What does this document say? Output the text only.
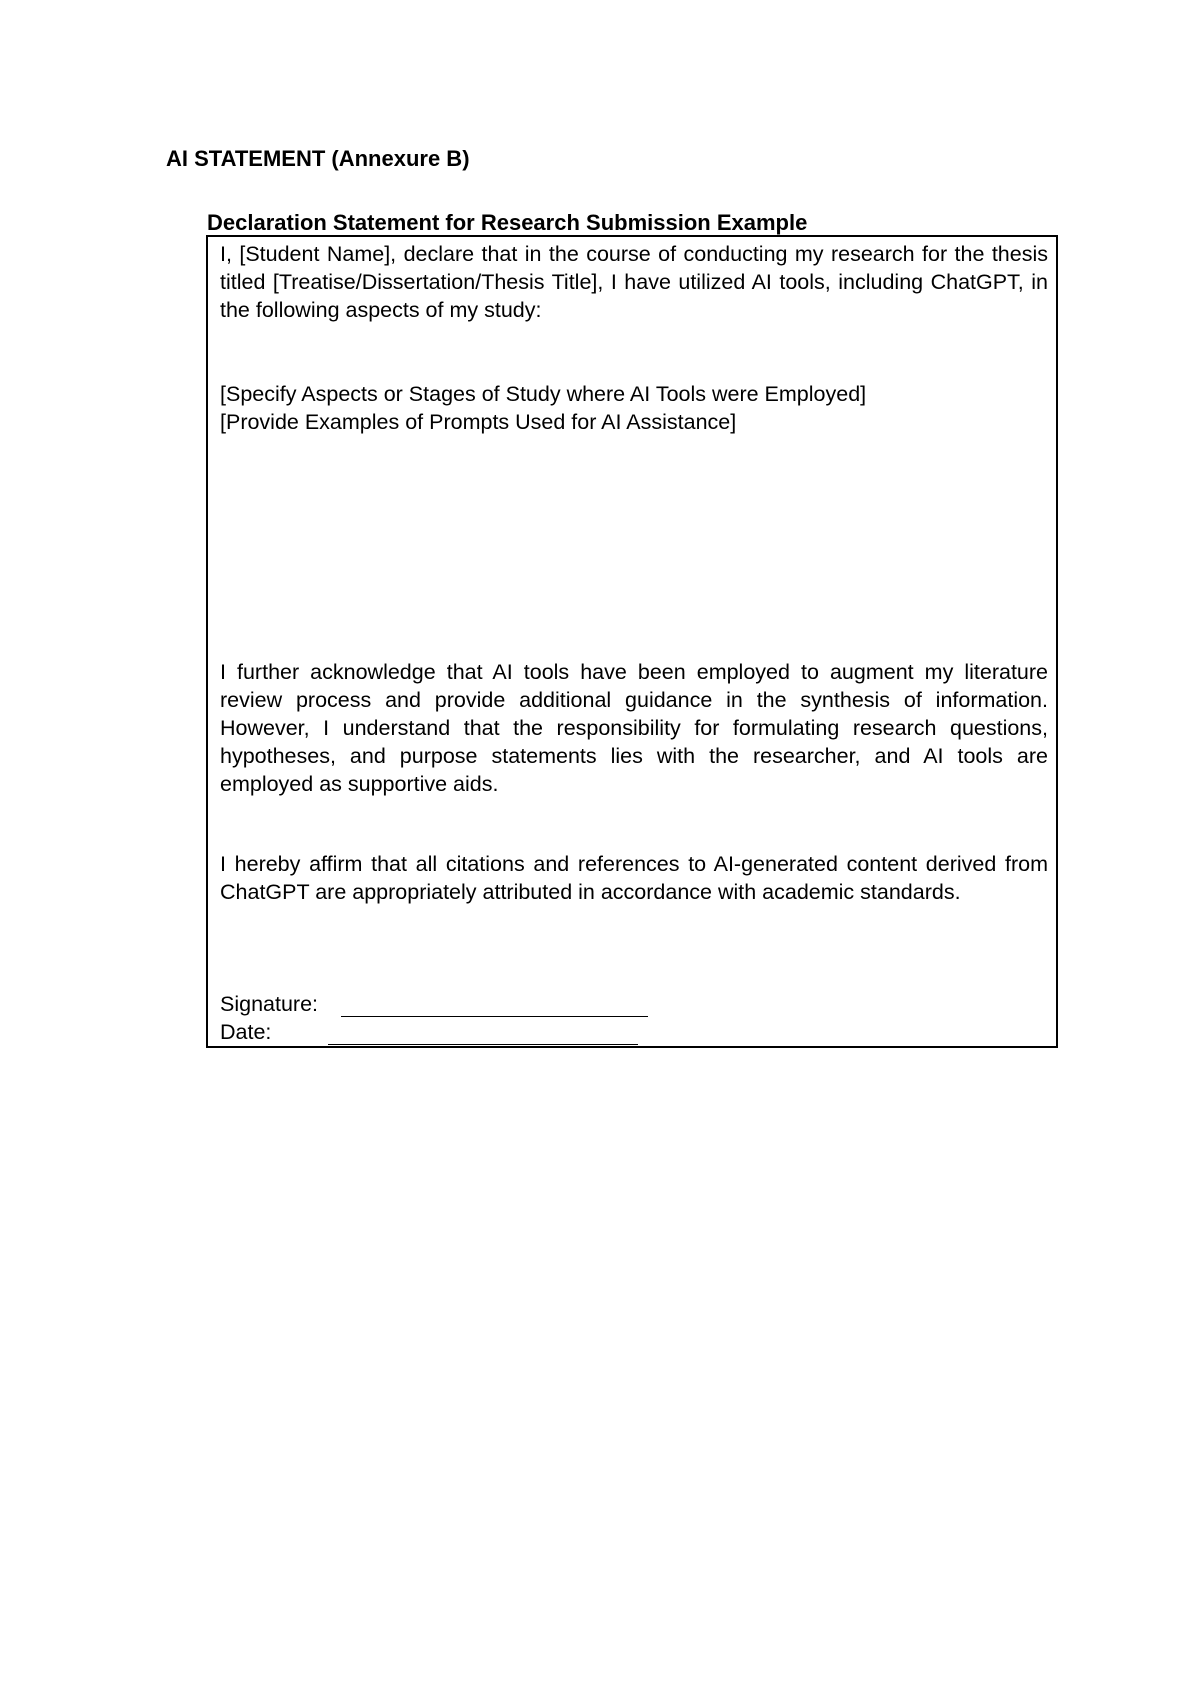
AI STATEMENT (Annexure B)
Declaration Statement for Research Submission Example

I, [Student Name], declare that in the course of conducting my research for the thesis titled [Treatise/Dissertation/Thesis Title], I have utilized AI tools, including ChatGPT, in the following aspects of my study:

[Specify Aspects or Stages of Study where AI Tools were Employed]
[Provide Examples of Prompts Used for AI Assistance]

I further acknowledge that AI tools have been employed to augment my literature review process and provide additional guidance in the synthesis of information. However, I understand that the responsibility for formulating research questions, hypotheses, and purpose statements lies with the researcher, and AI tools are employed as supportive aids.

I hereby affirm that all citations and references to AI-generated content derived from ChatGPT are appropriately attributed in accordance with academic standards.

Signature:
Date:
